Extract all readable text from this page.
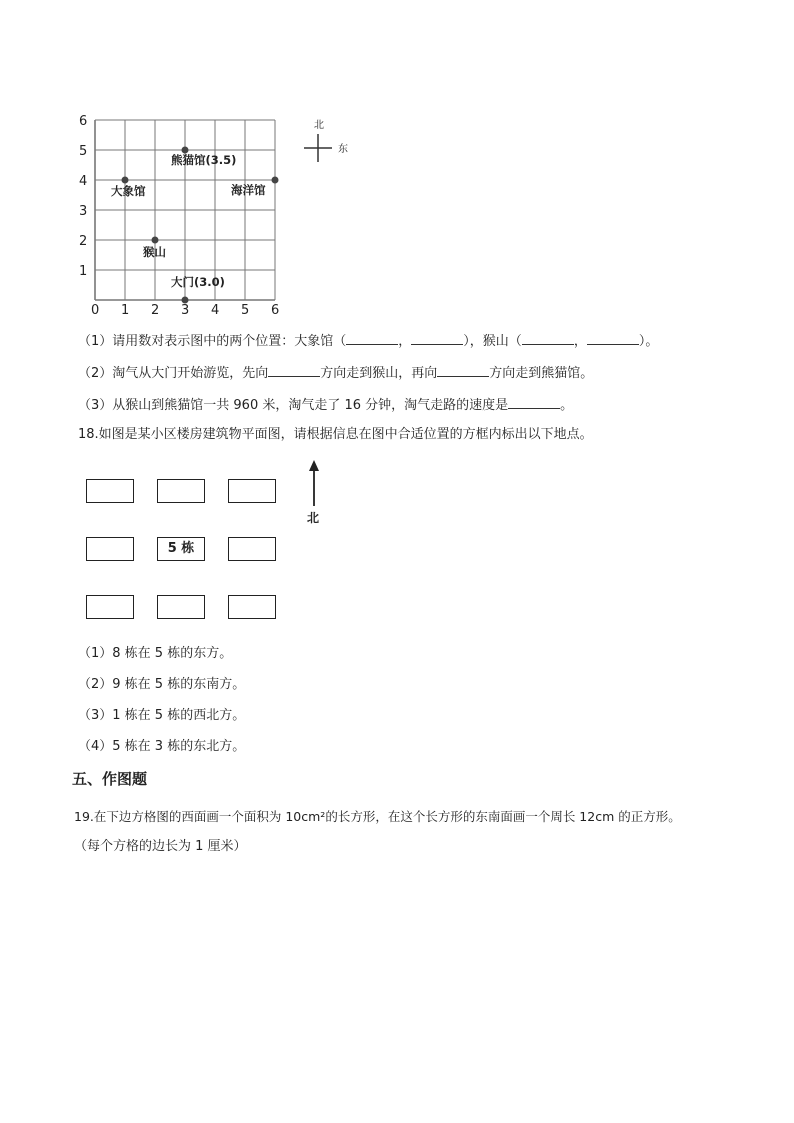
0 1 2 3 4 5 6
1
2
3
4
5
6
大象馆
熊猫馆(3.5)
海洋馆
猴山
大门(3.0)
北
东
（1）请用数对表示图中的两个位置：大象馆（	，	），猴山（	，	）。
（2）淘气从大门开始游览，先向	方向走到猴山，再向	方向走到熊猫馆。
（3）从猴山到熊猫馆一共 960 米，淘气走了 16 分钟，淘气走路的速度是	。
18.如图是某小区楼房建筑物平面图，请根据信息在图中合适位置的方框内标出以下地点。
5 栋
北
（1）8 栋在 5 栋的东方。
（2）9 栋在 5 栋的东南方。
（3）1 栋在 5 栋的西北方。
（4）5 栋在 3 栋的东北方。
五、作图题
19.在下边方格图的西面画一个面积为 10cm²的长方形，在这个长方形的东南面画一个周长 12cm 的正方形。
（每个方格的边长为 1 厘米）
